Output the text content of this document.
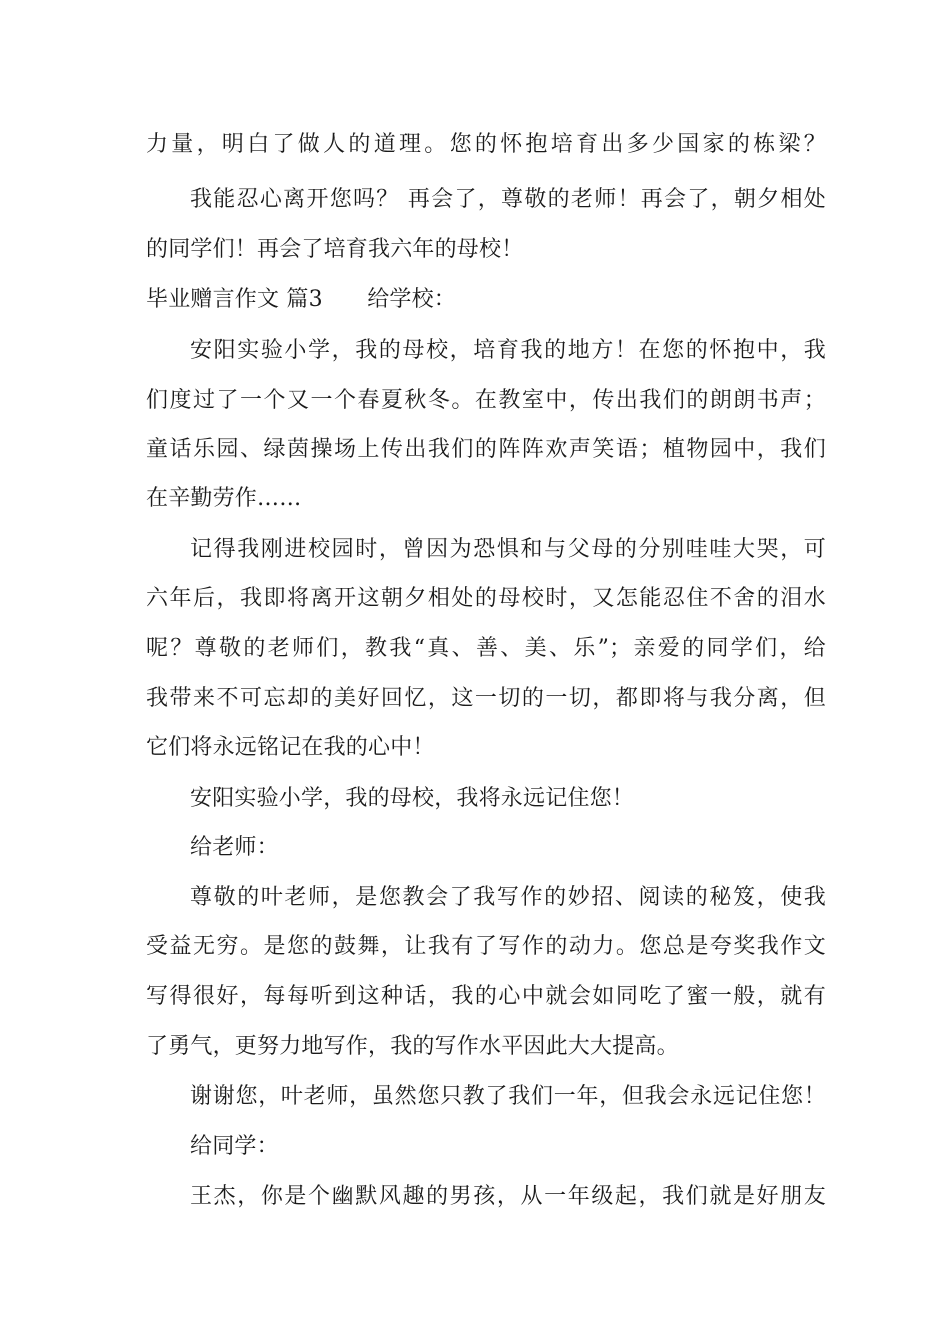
力量，明白了做人的道理。您的怀抱培育出多少国家的栋梁？
我能忍心离开您吗？ 再会了，尊敬的老师！再会了，朝夕相处
的同学们！再会了培育我六年的母校！
毕业赠言作文 篇3　　给学校：
安阳实验小学，我的母校，培育我的地方！在您的怀抱中，我
们度过了一个又一个春夏秋冬。在教室中，传出我们的朗朗书声；
童话乐园、绿茵操场上传出我们的阵阵欢声笑语；植物园中，我们
在辛勤劳作……
记得我刚进校园时，曾因为恐惧和与父母的分别哇哇大哭，可
六年后，我即将离开这朝夕相处的母校时，又怎能忍住不舍的泪水
呢？尊敬的老师们，教我“真、善、美、乐”；亲爱的同学们，给
我带来不可忘却的美好回忆，这一切的一切，都即将与我分离，但
它们将永远铭记在我的心中！
安阳实验小学，我的母校，我将永远记住您！
给老师：
尊敬的叶老师，是您教会了我写作的妙招、阅读的秘笈，使我
受益无穷。是您的鼓舞，让我有了写作的动力。您总是夸奖我作文
写得很好，每每听到这种话，我的心中就会如同吃了蜜一般，就有
了勇气，更努力地写作，我的写作水平因此大大提高。
谢谢您，叶老师，虽然您只教了我们一年，但我会永远记住您！
给同学：
王杰，你是个幽默风趣的男孩，从一年级起，我们就是好朋友
